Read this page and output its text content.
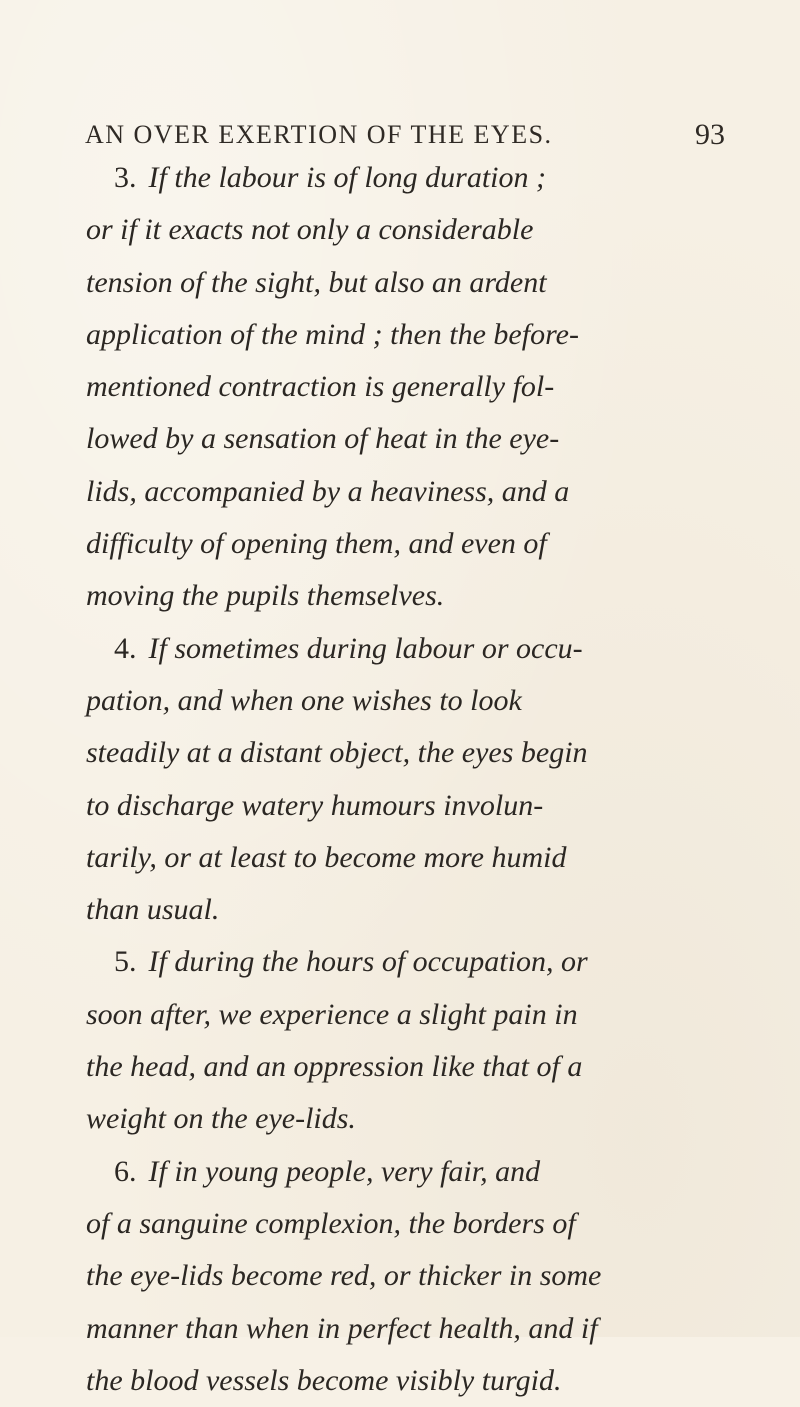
AN OVER EXERTION OF THE EYES.	93
3. If the labour is of long duration ;
or if it exacts not only a considerable
tension of the sight, but also an ardent
application of the mind ; then the before-
mentioned contraction is generally fol-
lowed by a sensation of heat in the eye-
lids, accompanied by a heaviness, and a
difficulty of opening them, and even of
moving the pupils themselves.
4. If sometimes during labour or occu-
pation, and when one wishes to look
steadily at a distant object, the eyes begin
to discharge watery humours involun-
tarily, or at least to become more humid
than usual.
5. If during the hours of occupation, or
soon after, we experience a slight pain in
the head, and an oppression like that of a
weight on the eye-lids.
6. If in young people, very fair, and
of a sanguine complexion, the borders of
the eye-lids become red, or thicker in some
manner than when in perfect health, and if
the blood vessels become visibly turgid.
